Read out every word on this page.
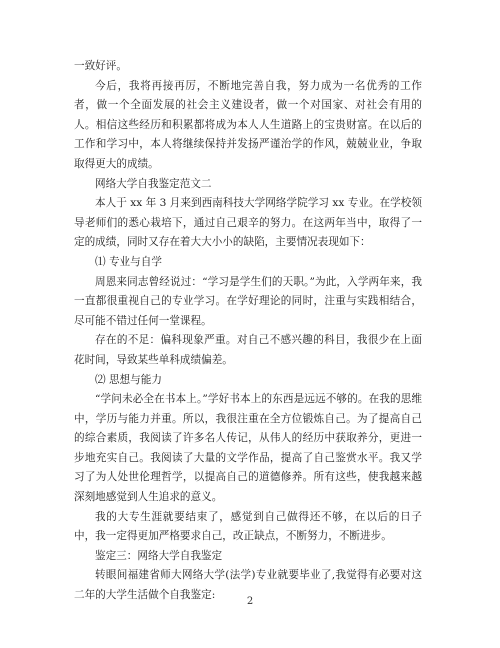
一致好评。

今后，我将再接再厉，不断地完善自我，努力成为一名优秀的工作者，做一个全面发展的社会主义建设者，做一个对国家、对社会有用的人。相信这些经历和积累都将成为本人人生道路上的宝贵财富。在以后的工作和学习中，本人将继续保持并发扬严谨治学的作风，兢兢业业，争取取得更大的成绩。

网络大学自我鉴定范文二

本人于 xx 年 3 月来到西南科技大学网络学院学习 xx 专业。在学校领导老师们的悉心栽培下，通过自己艰辛的努力。在这两年当中，取得了一定的成绩，同时又存在着大大小小的缺陷，主要情况表现如下：

⑴ 专业与自学

周恩来同志曾经说过：“学习是学生们的天职。”为此，入学两年来，我一直都很重视自己的专业学习。在学好理论的同时，注重与实践相结合，尽可能不错过任何一堂课程。

存在的不足：偏科现象严重。对自己不感兴趣的科目，我很少在上面花时间，导致某些单科成绩偏差。

⑵ 思想与能力

“学问未必全在书本上。”学好书本上的东西是远远不够的。在我的思维中，学历与能力并重。所以，我很注重在全方位锻炼自己。为了提高自己的综合素质，我阅读了许多名人传记，从伟人的经历中获取养分，更进一步地充实自己。我阅读了大量的文学作品，提高了自己鉴赏水平。我又学习了为人处世伦理哲学，以提高自己的道德修养。所有这些，使我越来越深刻地感觉到人生追求的意义。

我的大专生涯就要结束了，感觉到自己做得还不够，在以后的日子中，我一定得更加严格要求自己，改正缺点，不断努力，不断进步。

鉴定三：网络大学自我鉴定

转眼间福建省师大网络大学(法学)专业就要毕业了,我觉得有必要对这二年的大学生活做个自我鉴定:

2
